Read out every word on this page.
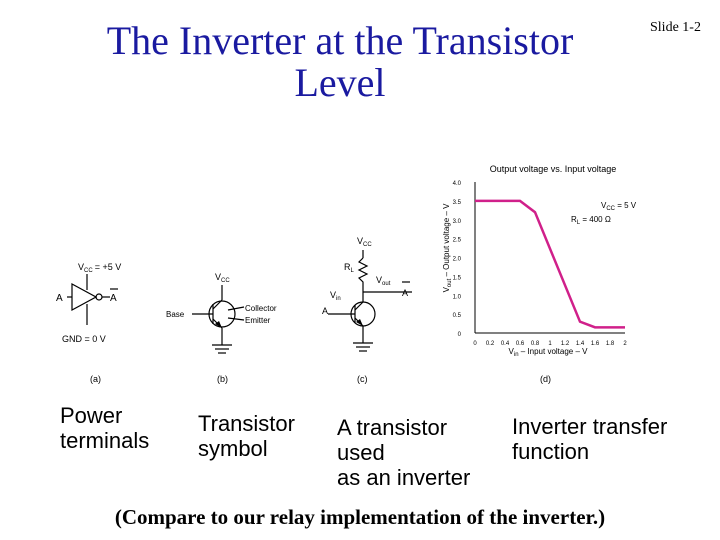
The Inverter at the Transistor Level
Slide 1-2
A	A
$V_{CC} = +5$ V
GND = 0 V
(a)
$V_{CC}$
Base
Collector
Emitter
(b)
$V_{CC}$
$R_L$
$V_{out}$
A
$V_{in}$
A
(c)
Output voltage vs. Input voltage
$V_{out}$ – Output voltage – V
$V_{in}$ – Input voltage – V
$V_{CC} = 5$ V
$R_L = 400$ Ω
0
0.5
1.0
1.5
2.0
2.5
3.0
3.5
4.0
0 0.2 0.4 0.6 0.8 1 1.2 1.4 1.6 1.8 2
(d)
Power
terminals
Transistor
symbol
A transistor
used
as an inverter
Inverter transfer
function
(Compare to our relay implementation of the inverter.)
